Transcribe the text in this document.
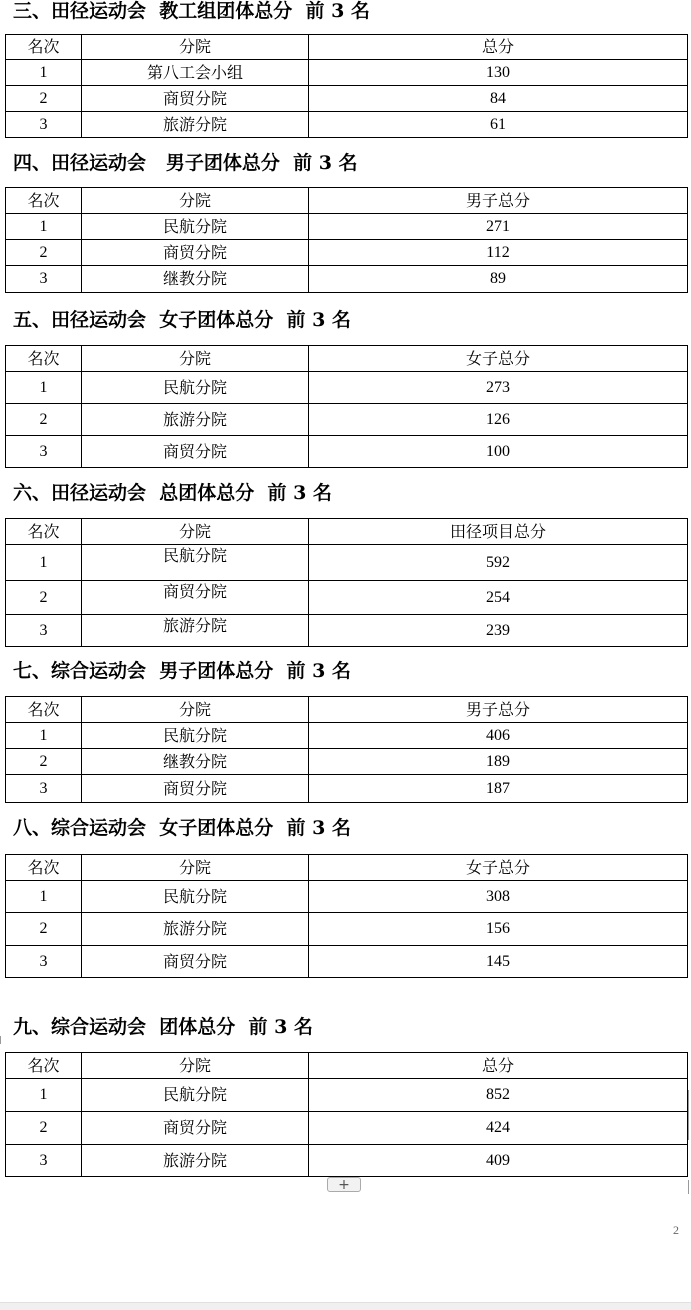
三、田径运动会  教工组团体总分  前 3 名
名次	分院	总分
1	第八工会小组	130
2	商贸分院	84
3	旅游分院	61
四、田径运动会   男子团体总分  前 3 名
名次	分院	男子总分
1	民航分院	271
2	商贸分院	112
3	继教分院	89
五、田径运动会  女子团体总分  前 3 名
名次	分院	女子总分
1	民航分院	273
2	旅游分院	126
3	商贸分院	100
六、田径运动会  总团体总分  前 3 名
名次	分院	田径项目总分
1	民航分院	592
2	商贸分院	254
3	旅游分院	239
七、综合运动会  男子团体总分  前 3 名
名次	分院	男子总分
1	民航分院	406
2	继教分院	189
3	商贸分院	187
八、综合运动会  女子团体总分  前 3 名
名次	分院	女子总分
1	民航分院	308
2	旅游分院	156
3	商贸分院	145
九、综合运动会  团体总分  前 3 名
名次	分院	总分
1	民航分院	852
2	商贸分院	424
3	旅游分院	409
+
2
